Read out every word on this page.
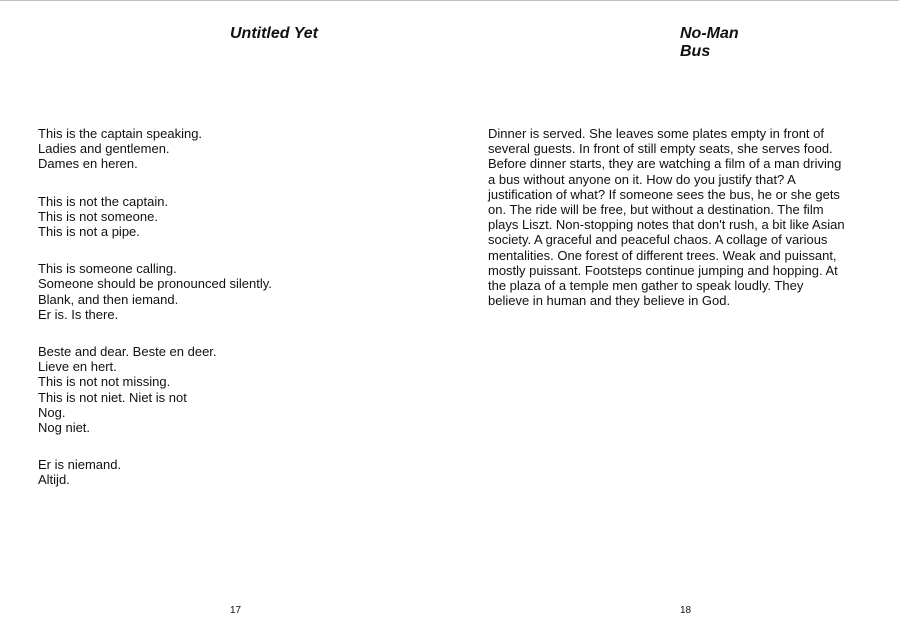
Untitled Yet
This is the captain speaking.
Ladies and gentlemen.
Dames en heren.
This is not the captain.
This is not someone.
This is not a pipe.
This is someone calling.
Someone should be pronounced silently.
Blank, and then iemand.
Er is. Is there.
Beste and dear. Beste en deer.
Lieve en hert.
This is not not missing.
This is not niet. Niet is not
Nog.
Nog niet.
Er is niemand.
Altijd.

17

No-Man
Bus

Dinner is served. She leaves some plates empty in front of several guests. In front of still empty seats, she serves food. Before dinner starts, they are watching a film of a man driving a bus without anyone on it. How do you justify that? A justification of what? If someone sees the bus, he or she gets on. The ride will be free, but without a destination. The film plays Liszt. Non-stopping notes that don't rush, a bit like Asian society. A graceful and peaceful chaos. A collage of various mentalities. One forest of different trees. Weak and puissant, mostly puissant. Footsteps continue jumping and hopping. At the plaza of a temple men gather to speak loudly. They believe in human and they believe in God.

18
